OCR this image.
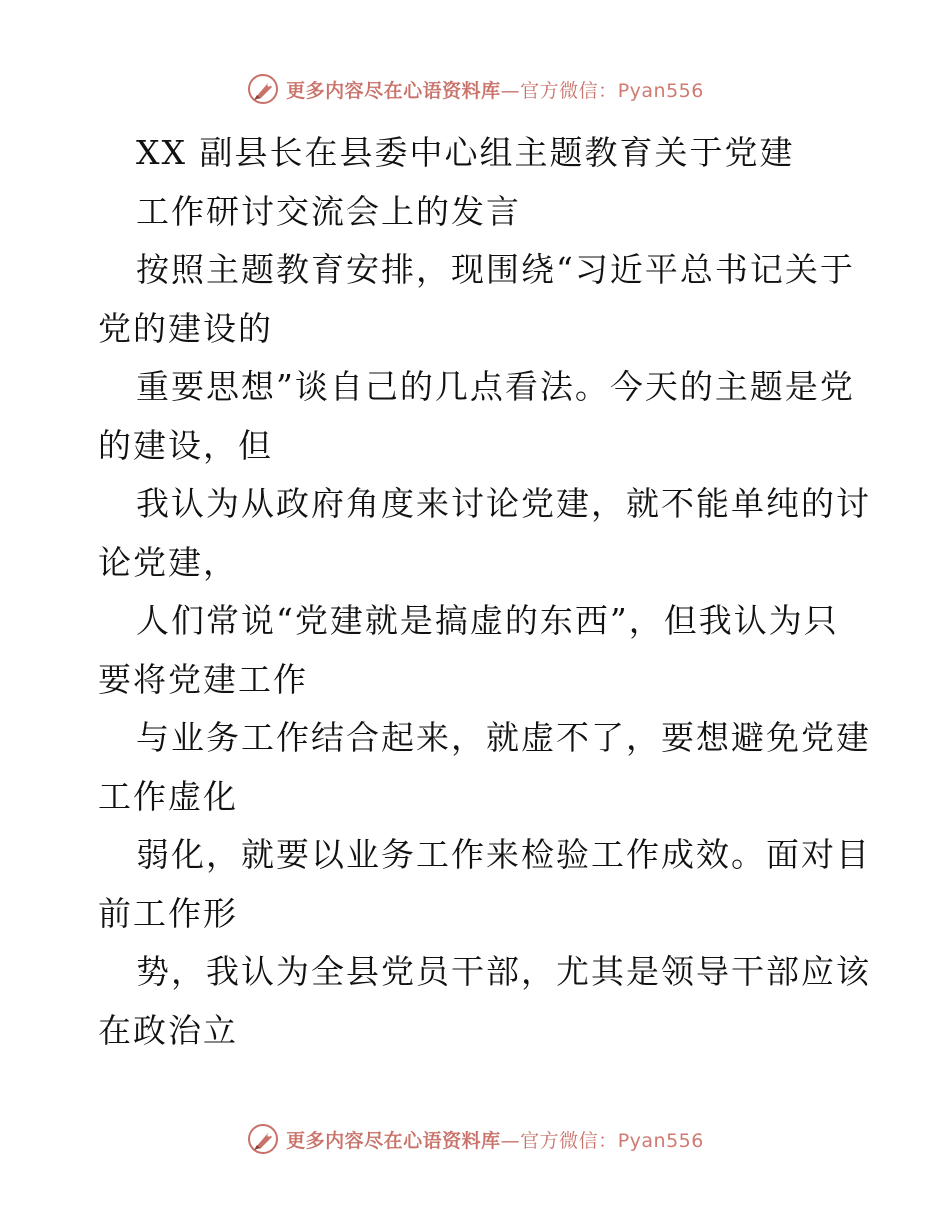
更多内容尽在心语资料库—官方微信：Pyan556
XX 副县长在县委中心组主题教育关于党建
工作研讨交流会上的发言
按照主题教育安排，现围绕“习近平总书记关于
党的建设的
重要思想”谈自己的几点看法。今天的主题是党
的建设，但
我认为从政府角度来讨论党建，就不能单纯的讨
论党建，
人们常说“党建就是搞虚的东西”，但我认为只
要将党建工作
与业务工作结合起来，就虚不了，要想避免党建
工作虚化
弱化，就要以业务工作来检验工作成效。面对目
前工作形
势，我认为全县党员干部，尤其是领导干部应该
在政治立
更多内容尽在心语资料库—官方微信：Pyan556
